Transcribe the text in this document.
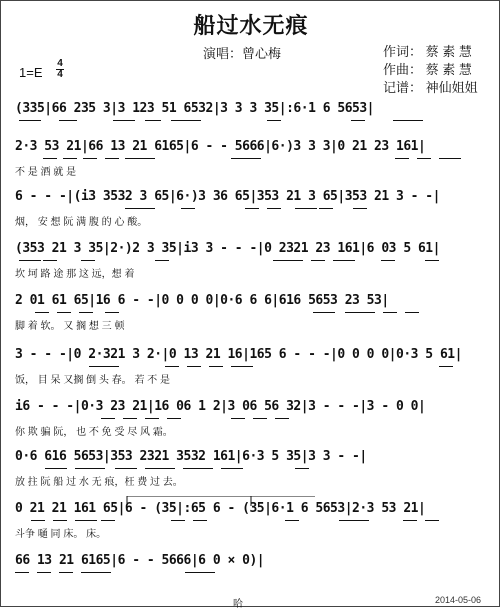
船过水无痕
演唱：曾心梅	作词： 蔡 素 慧
作曲： 蔡 素 慧
记谱： 神仙姐姐
1=E
4
4
(335|66 235 3|3 123 51 6532|3 3 3 35|:6·1 6 5653|
2·3 53 21|66 13 21 6165|6 - - 5666|6·)3 3 3|0 21 23 161|
不 是 酒 就 是
6 - - -|(i3 3532 3 65|6·)3 36 65|353 21 3 65|353 21 3 - -|
烟， 安 想 阮 满 腹 的 心 酸。
(353 21 3 35|2·)2 3 35|i3 3 - - -|0 2321 23 161|6 03 5 61|
坎 坷 路 途 那 这 远，想 着
2 01 61 65|16 6 - -|0 0 0 0|0·6 6 6|616 5653 23 53|
脚 着 软。 又 搁 想 三 顿
3 - - -|0 2·321 3 2·|0 13 21 16|165 6 - - -|0 0 0 0|0·3 5 61|
饭， 目 呆 又搁 倒 头 春。 若 不 是
i6 - - -|0·3 23 21|16 06 1 2|3 06 56 32|3 - - -|3 - 0 0|
你 欺 骗 阮， 也 不 免 受 尽 风 霜。
0·6 616 5653|353 2321 3532 161|6·3 5 35|3 3 - -|
放 拄 阮 船 过 水 无 痕，枉 费 过 去。
0 21 21 161 65|6 - (35|:65 6 - (35|6·1 6 5653|2·3 53 21|
斗争 嗵 同 床。 床。
66 13 21 6165|6 - - 5666|6 0 × 0)|
哈	2014-05-06
